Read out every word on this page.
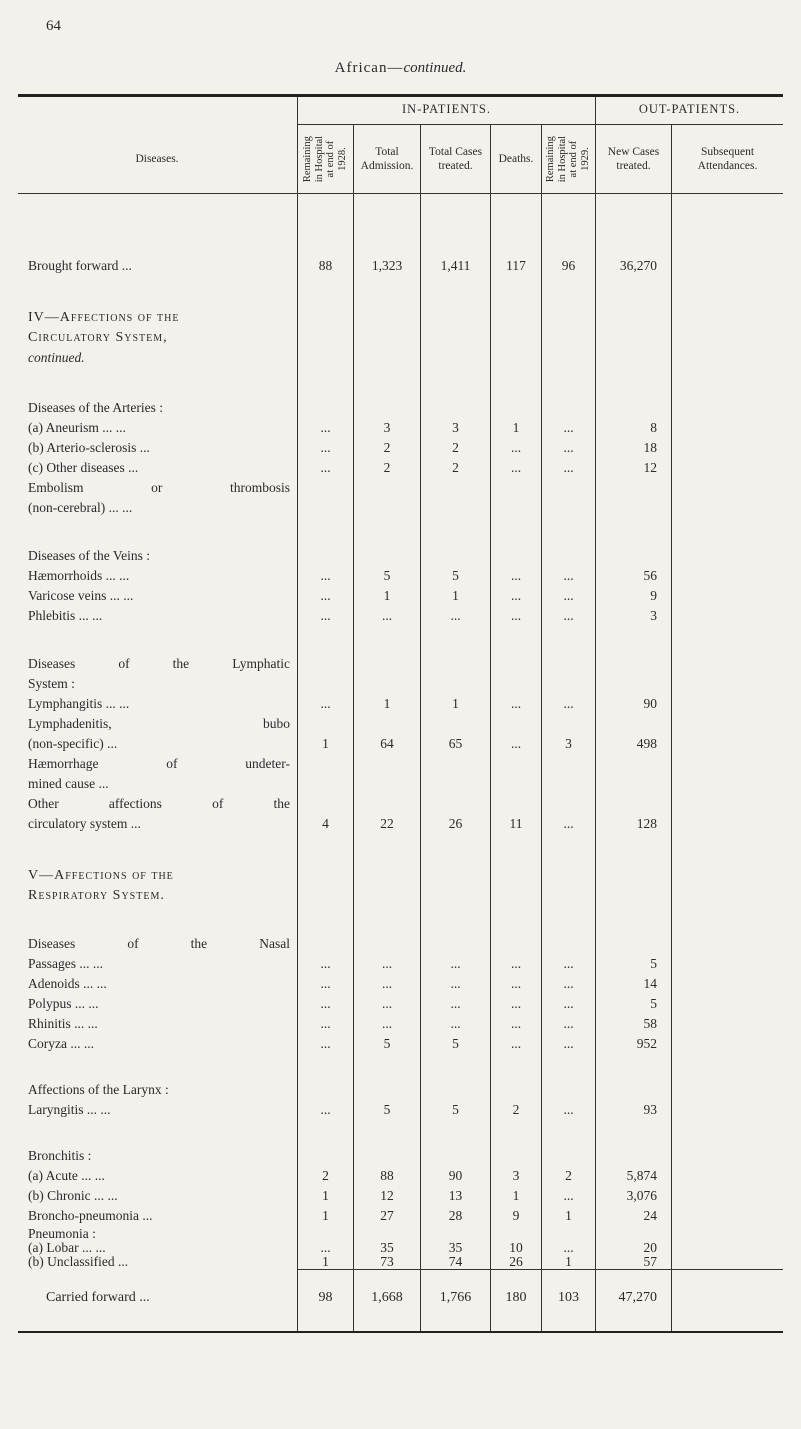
64
African—continued.
IN-PATIENTS.	OUT-PATIENTS.
Diseases.	Remaining
in Hospital
at end of
1928.	Total Admission.
Total Cases treated.
Deaths.	Remaining
in Hospital
at end of
1929.	New Cases treated.
Subsequent Attendances.
Brought forward ...	88	1,323	1,411	117	96	36,270
IV—Affections of the
Circulatory System,
continued.
Diseases of the Arteries :
(a) Aneurism ... ...	...	3	3	1	...	8
(b) Arterio-sclerosis ...	...	2	2	...	...	18
(c) Other diseases ...	...	2	2	...	...	12
Embolism or thrombosis
(non-cerebral) ... ...
Diseases of the Veins :
Hæmorrhoids ... ...	...	5	5	...	...	56
Varicose veins ... ...	...	1	1	...	...	9
Phlebitis ... ...	...	...	...	...	...	3
Diseases of the Lymphatic
System :
Lymphangitis ... ...	...	1	1	...	...	90
Lymphadenitis, bubo
(non-specific) ...	1	64	65	...	3	498
Hæmorrhage of undeter-
mined cause ...
Other affections of the
circulatory system ...	4	22	26	11	...	128
V—Affections of the
Respiratory System.
Diseases of the Nasal
Passages ... ...	...	...	...	...	...	5
Adenoids ... ...	...	...	...	...	...	14
Polypus ... ...	...	...	...	...	...	5
Rhinitis ... ...	...	...	...	...	...	58
Coryza ... ...	...	5	5	...	...	952
Affections of the Larynx :
Laryngitis ... ...	...	5	5	2	...	93
Bronchitis :
(a) Acute ... ...	2	88	90	3	2	5,874
(b) Chronic ... ...	1	12	13	1	...	3,076
Broncho-pneumonia ...	1	27	28	9	1	24
Pneumonia :
(a) Lobar ... ...	...	35	35	10	...	20
(b) Unclassified ...	1	73	74	26	1	57
Carried forward ...	98	1,668	1,766	180	103	47,270
